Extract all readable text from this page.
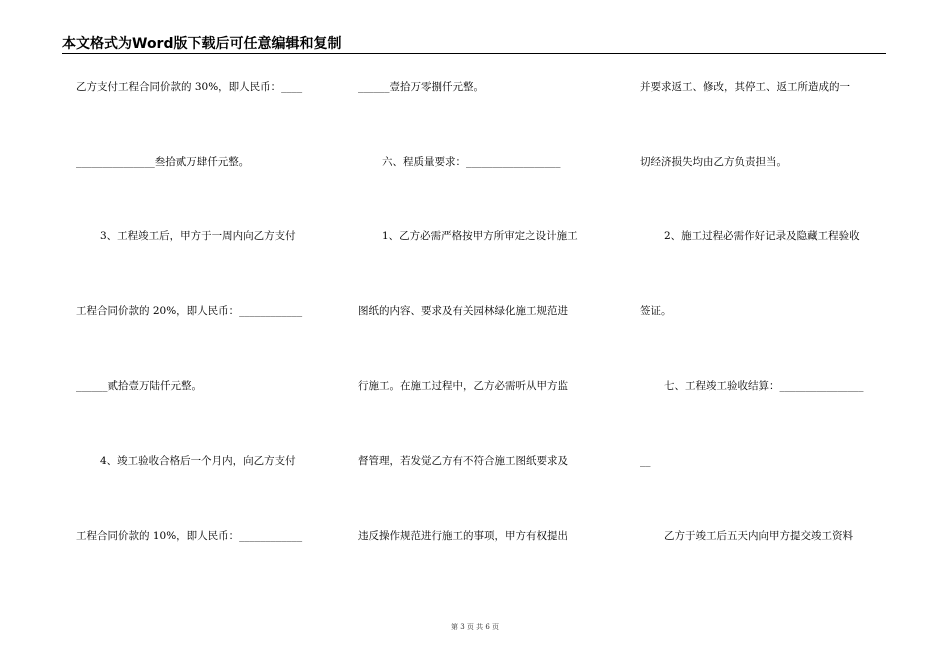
本文格式为Word版下载后可任意编辑和复制
乙方支付工程合同价款的 30%，即人民币：____
_______________叁拾贰万肆仟元整。
3、工程竣工后，甲方于一周内向乙方支付
工程合同价款的 20%，即人民币：____________
______贰拾壹万陆仟元整。
4、竣工验收合格后一个月内，向乙方支付
工程合同价款的 10%，即人民币：____________
______壹拾万零捌仟元整。
六、程质量要求：__________________
1、乙方必需严格按甲方所审定之设计施工
图纸的内容、要求及有关园林绿化施工规范进
行施工。在施工过程中，乙方必需听从甲方监
督管理，若发觉乙方有不符合施工图纸要求及
违反操作规范进行施工的事项，甲方有权提出
并要求返工、修改，其停工、返工所造成的一
切经济损失均由乙方负责担当。
2、施工过程必需作好记录及隐藏工程验收
签证。
七、工程竣工验收结算：________________
__
乙方于竣工后五天内向甲方提交竣工资料
第 3 页 共 6 页
